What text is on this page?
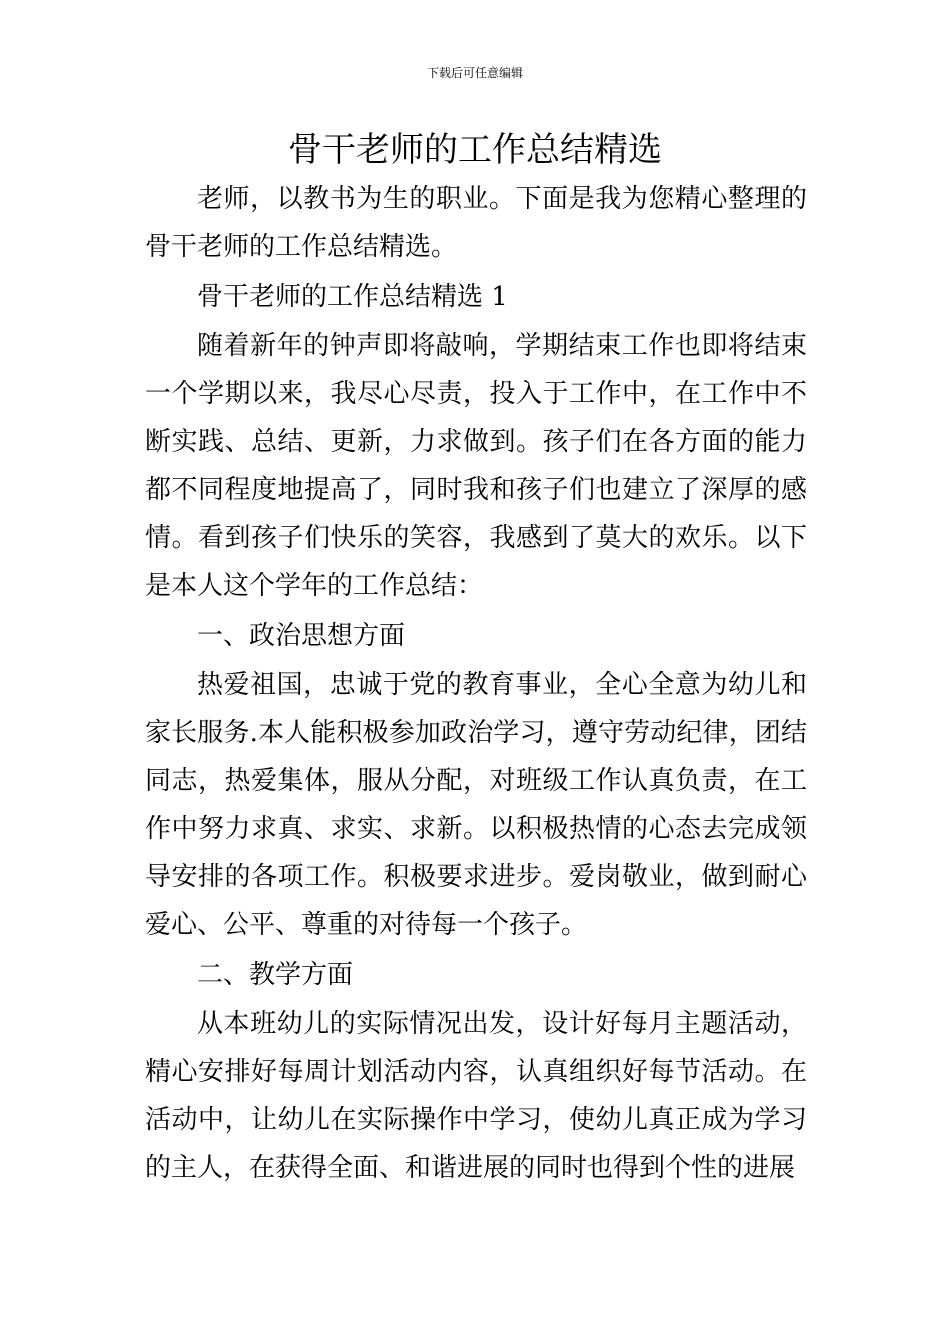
下载后可任意编辑
骨干老师的工作总结精选

老师，以教书为生的职业。下面是我为您精心整理的骨干老师的工作总结精选。

骨干老师的工作总结精选 1

随着新年的钟声即将敲响，学期结束工作也即将结束一个学期以来，我尽心尽责，投入于工作中，在工作中不断实践、总结、更新，力求做到。孩子们在各方面的能力都不同程度地提高了，同时我和孩子们也建立了深厚的感情。看到孩子们快乐的笑容，我感到了莫大的欢乐。以下是本人这个学年的工作总结：

一、政治思想方面

热爱祖国，忠诚于党的教育事业，全心全意为幼儿和家长服务.本人能积极参加政治学习，遵守劳动纪律，团结同志，热爱集体，服从分配，对班级工作认真负责，在工作中努力求真、求实、求新。以积极热情的心态去完成领导安排的各项工作。积极要求进步。爱岗敬业，做到耐心爱心、公平、尊重的对待每一个孩子。

二、教学方面

从本班幼儿的实际情况出发，设计好每月主题活动，精心安排好每周计划活动内容，认真组织好每节活动。在活动中，让幼儿在实际操作中学习，使幼儿真正成为学习的主人，在获得全面、和谐进展的同时也得到个性的进展
